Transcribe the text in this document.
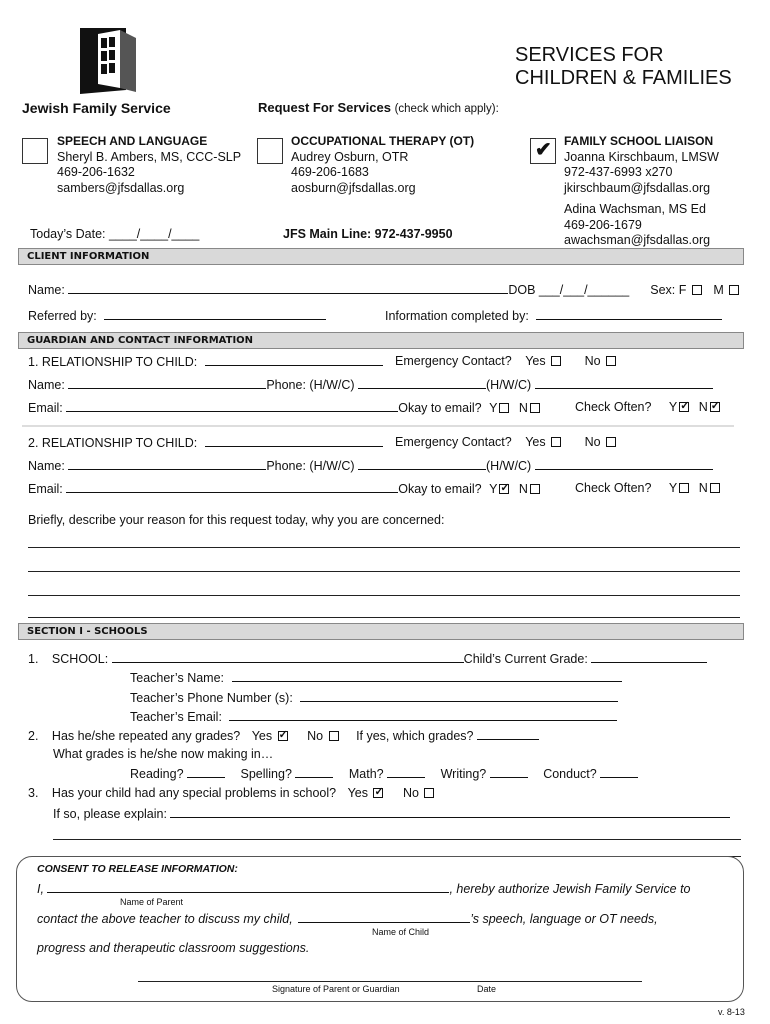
Jewish Family Service
SERVICES FOR
CHILDREN & FAMILIES
Request For Services (check which apply):
SPEECH AND LANGUAGE
Sheryl B. Ambers, MS, CCC-SLP
469-206-1632
sambers@jfsdallas.org
OCCUPATIONAL THERAPY (OT)
Audrey Osburn, OTR
469-206-1683
aosburn@jfsdallas.org
✔ FAMILY SCHOOL LIAISON
Joanna Kirschbaum, LMSW
972-437-6993 x270
jkirschbaum@jfsdallas.org
Adina Wachsman, MS Ed
469-206-1679
awachsman@jfsdallas.org
Today’s Date: ____/____/____	JFS Main Line: 972-437-9950
CLIENT INFORMATION
Name:	DOB ___/___/______ Sex: F M
Referred by:	Information completed by:
GUARDIAN AND CONTACT INFORMATION
1. RELATIONSHIP TO CHILD:	Emergency Contact? Yes	No
Name:	Phone: (H/W/C)	(H/W/C)
Email:	Okay to email? Y N	Check Often? Y ✓ N✓
2. RELATIONSHIP TO CHILD:	Emergency Contact? Yes	No
Name:	Phone: (H/W/C)	(H/W/C)
Email:	Okay to email? Y ✓ N	Check Often? Y N
Briefly, describe your reason for this request today, why you are concerned:
SECTION I - SCHOOLS
1. SCHOOL:	Child’s Current Grade:
Teacher’s Name:
Teacher’s Phone Number (s):
Teacher’s Email:
2. Has he/she repeated any grades? Yes ✓	No	If yes, which grades?
What grades is he/she now making in…
Reading?	Spelling?	Math?	Writing?	Conduct?
3. Has your child had any special problems in school? Yes ✓	No
If so, please explain:
CONSENT TO RELEASE INFORMATION:
I,	, hereby authorize Jewish Family Service to
Name of Parent
contact the above teacher to discuss my child,	’s speech, language or OT needs,
Name of Child
progress and therapeutic classroom suggestions.
Signature of Parent or Guardian	Date
v. 8-13
